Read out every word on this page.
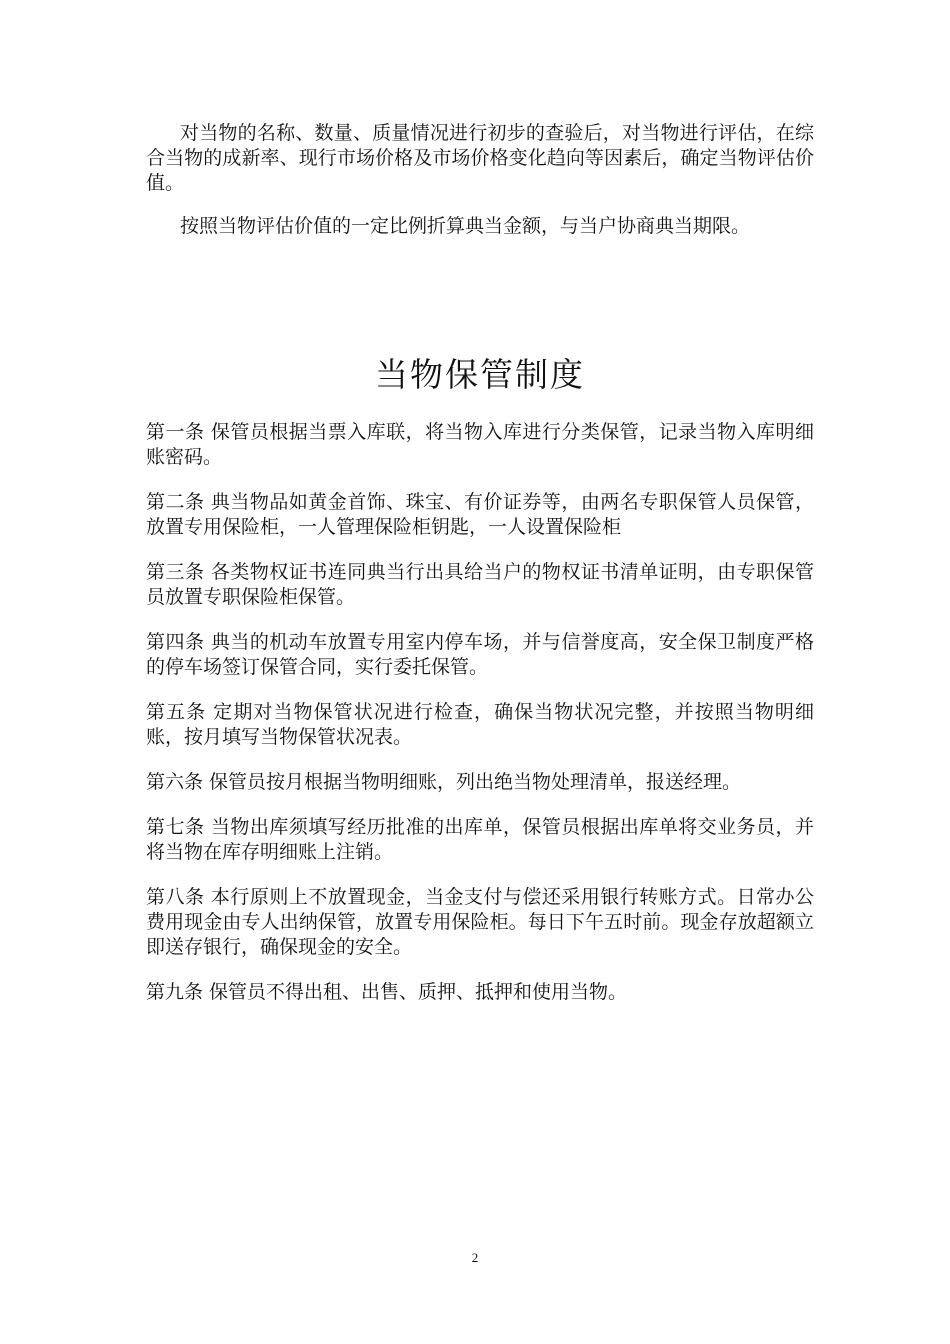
对当物的名称、数量、质量情况进行初步的查验后，对当物进行评估，在综合当物的成新率、现行市场价格及市场价格变化趋向等因素后，确定当物评估价值。

按照当物评估价值的一定比例折算典当金额，与当户协商典当期限。

当物保管制度

第一条 保管员根据当票入库联，将当物入库进行分类保管，记录当物入库明细账密码。

第二条 典当物品如黄金首饰、珠宝、有价证券等，由两名专职保管人员保管，放置专用保险柜，一人管理保险柜钥匙，一人设置保险柜

第三条 各类物权证书连同典当行出具给当户的物权证书清单证明，由专职保管员放置专职保险柜保管。

第四条 典当的机动车放置专用室内停车场，并与信誉度高，安全保卫制度严格的停车场签订保管合同，实行委托保管。

第五条 定期对当物保管状况进行检查，确保当物状况完整，并按照当物明细账，按月填写当物保管状况表。

第六条 保管员按月根据当物明细账，列出绝当物处理清单，报送经理。

第七条 当物出库须填写经历批准的出库单，保管员根据出库单将交业务员，并将当物在库存明细账上注销。

第八条 本行原则上不放置现金，当金支付与偿还采用银行转账方式。日常办公费用现金由专人出纳保管，放置专用保险柜。每日下午五时前。现金存放超额立即送存银行，确保现金的安全。

第九条 保管员不得出租、出售、质押、抵押和使用当物。

2
